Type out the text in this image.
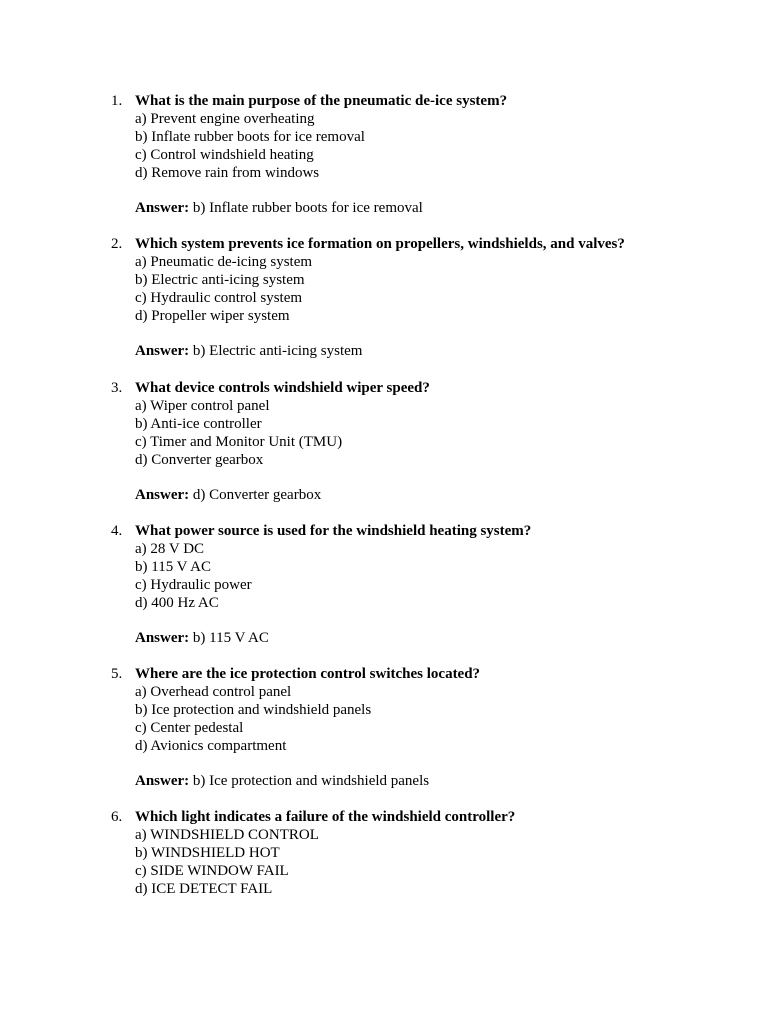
1. What is the main purpose of the pneumatic de-ice system?
a) Prevent engine overheating
b) Inflate rubber boots for ice removal
c) Control windshield heating
d) Remove rain from windows
Answer: b) Inflate rubber boots for ice removal
2. Which system prevents ice formation on propellers, windshields, and valves?
a) Pneumatic de-icing system
b) Electric anti-icing system
c) Hydraulic control system
d) Propeller wiper system
Answer: b) Electric anti-icing system
3. What device controls windshield wiper speed?
a) Wiper control panel
b) Anti-ice controller
c) Timer and Monitor Unit (TMU)
d) Converter gearbox
Answer: d) Converter gearbox
4. What power source is used for the windshield heating system?
a) 28 V DC
b) 115 V AC
c) Hydraulic power
d) 400 Hz AC
Answer: b) 115 V AC
5. Where are the ice protection control switches located?
a) Overhead control panel
b) Ice protection and windshield panels
c) Center pedestal
d) Avionics compartment
Answer: b) Ice protection and windshield panels
6. Which light indicates a failure of the windshield controller?
a) WINDSHIELD CONTROL
b) WINDSHIELD HOT
c) SIDE WINDOW FAIL
d) ICE DETECT FAIL
